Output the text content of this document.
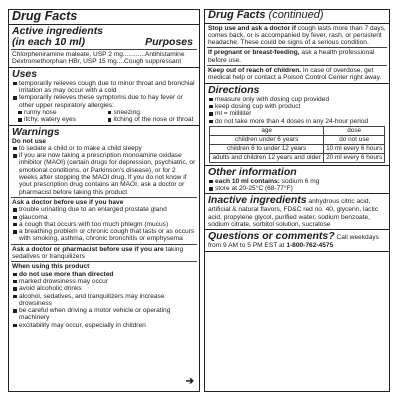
Drug Facts
Active ingredients
(in each 10 ml)	Purposes
Chlorpheniramine maleate, USP 2 mg............Antihistamine
Dextromethorphan HBr, USP 15 mg....Cough suppressant
Uses
temporarily relieves cough due to minor throat and bronchial irritation as may occur with a cold
temporarily relieves these symptoms due to hay fever or other upper respiratory allergies:
runny nose	sneezing
itchy, watery eyes	itching of the nose or throat
Warnings
Do not use
to sedate a child or to make a child sleepy
if you are now taking a prescription monoamine oxidase inhibitor (MAOI) (certain drugs for depression, psychiatric, or emotional conditions, or Parkinson's disease), or for 2 weeks after stopping the MAOI drug. If you do not know if your prescription drug contains an MAOI, ask a doctor or pharmacist before taking this product
Ask a doctor before use if you have
trouble urinating due to an enlarged prostate gland
glaucoma
a cough that occurs with too much phlegm (mucus)
a breathing problem or chronic cough that lasts or as occurs with smoking, asthma, chronic bronchitis or emphysema
Ask a doctor or pharmacist before use if you are taking sedatives or tranquilizers
When using this product
do not use more than directed
marked drowsiness may occur
avoid alcoholic drinks
alcohol, sedatives, and tranquilizers may increase drowsiness
be careful when driving a motor vehicle or operating machinery
excitability may occur, especially in children
➔
Drug Facts (continued)
Stop use and ask a doctor if cough lasts more than 7 days, comes back, or is accompanied by fever, rash, or persistent headache. These could be signs of a serious condition.
If pregnant or breast-feeding, ask a health professional before use.
Keep out of reach of children. In case of overdose, get medical help or contact a Poison Control Center right away.
Directions
measure only with dosing cup provided
keep dosing cup with product
ml = milliliter
do not take more than 4 doses in any 24-hour period
age	dose
children under 6 years	do not use
children 6 to under 12 years	10 ml every 6 hours
adults and children 12 years and older	20 ml every 6 hours
Other information
each 10 ml contains: sodium 6 mg
store at 20-25°C (68-77°F)
Inactive ingredients anhydrous citric acid, artificial & natural flavors, FD&C red no. 40, glycerin, lactic acid, propylene glycol, purified water, sodium benzoate, sodium citrate, sorbitol solution, sucralose
Questions or comments? Call weekdays from 9 AM to 5 PM EST at 1-800-762-4575
